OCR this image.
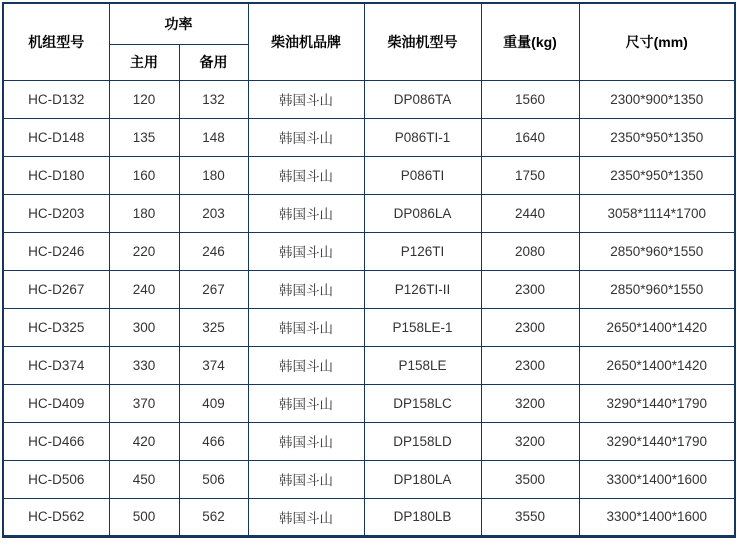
机组型号	功率		柴油机品牌	柴油机型号	重量(kg)	尺寸(mm)
	主用	备用				
HC-D132	120	132	韩国斗山	DP086TA	1560	2300*900*1350
HC-D148	135	148	韩国斗山	P086TI-1	1640	2350*950*1350
HC-D180	160	180	韩国斗山	P086TI	1750	2350*950*1350
HC-D203	180	203	韩国斗山	DP086LA	2440	3058*1114*1700
HC-D246	220	246	韩国斗山	P126TI	2080	2850*960*1550
HC-D267	240	267	韩国斗山	P126TI-II	2300	2850*960*1550
HC-D325	300	325	韩国斗山	P158LE-1	2300	2650*1400*1420
HC-D374	330	374	韩国斗山	P158LE	2300	2650*1400*1420
HC-D409	370	409	韩国斗山	DP158LC	3200	3290*1440*1790
HC-D466	420	466	韩国斗山	DP158LD	3200	3290*1440*1790
HC-D506	450	506	韩国斗山	DP180LA	3500	3300*1400*1600
HC-D562	500	562	韩国斗山	DP180LB	3550	3300*1400*1600
